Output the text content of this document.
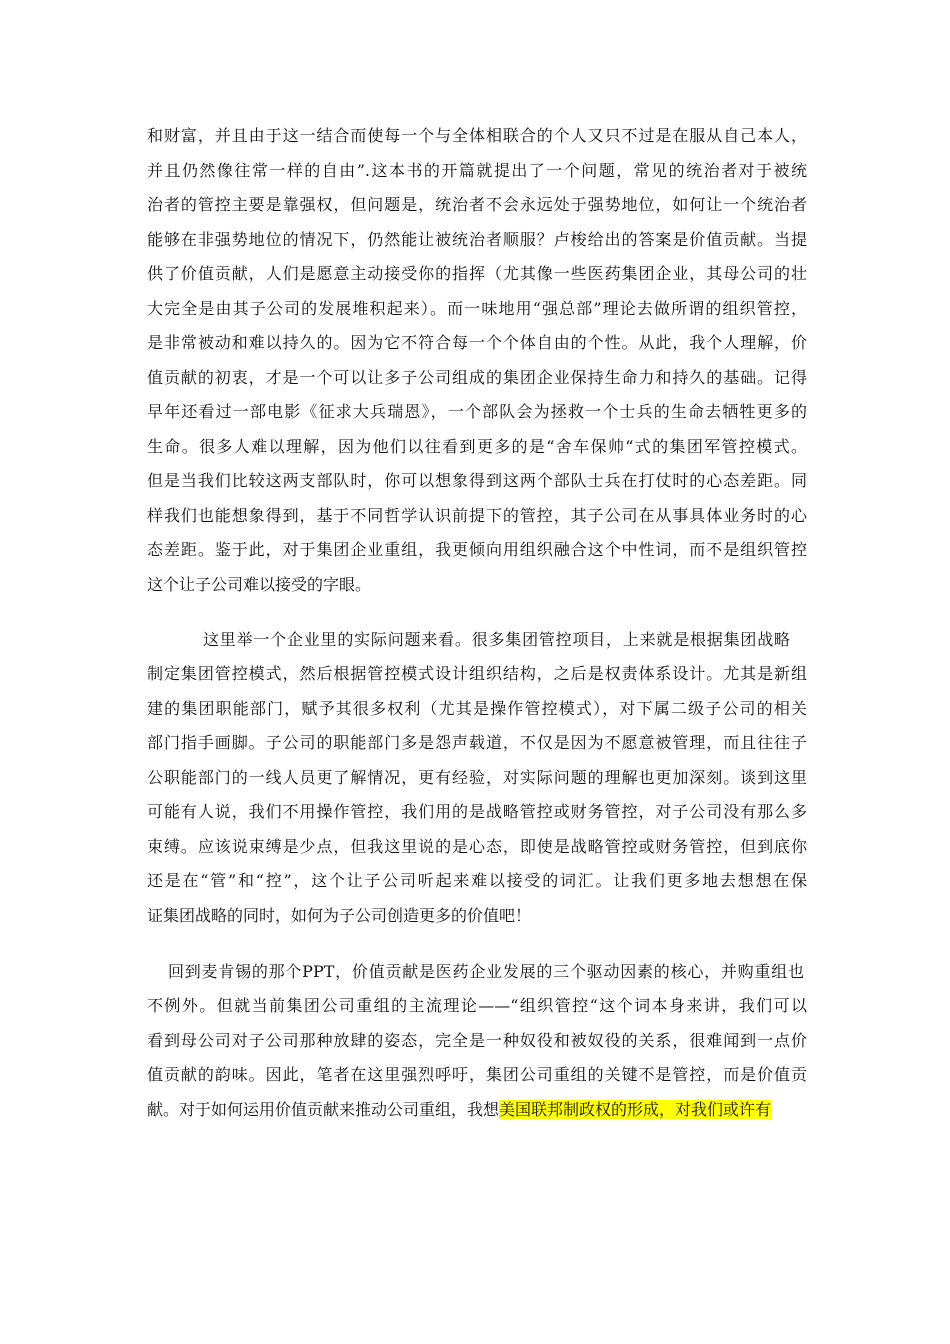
和财富，并且由于这一结合而使每一个与全体相联合的个人又只不过是在服从自己本人，
并且仍然像往常一样的自由”.这本书的开篇就提出了一个问题，常见的统治者对于被统
治者的管控主要是靠强权，但问题是，统治者不会永远处于强势地位，如何让一个统治者
能够在非强势地位的情况下，仍然能让被统治者顺服？卢梭给出的答案是价值贡献。当提
供了价值贡献，人们是愿意主动接受你的指挥（尤其像一些医药集团企业，其母公司的壮
大完全是由其子公司的发展堆积起来）。而一味地用“强总部”理论去做所谓的组织管控，
是非常被动和难以持久的。因为它不符合每一个个体自由的个性。从此，我个人理解，价
值贡献的初衷，才是一个可以让多子公司组成的集团企业保持生命力和持久的基础。记得
早年还看过一部电影《征求大兵瑞恩》，一个部队会为拯救一个士兵的生命去牺牲更多的
生命。很多人难以理解，因为他们以往看到更多的是“舍车保帅“式的集团军管控模式。
但是当我们比较这两支部队时，你可以想象得到这两个部队士兵在打仗时的心态差距。同
样我们也能想象得到，基于不同哲学认识前提下的管控，其子公司在从事具体业务时的心
态差距。鉴于此，对于集团企业重组，我更倾向用组织融合这个中性词，而不是组织管控
这个让子公司难以接受的字眼。
这里举一个企业里的实际问题来看。很多集团管控项目，上来就是根据集团战略
制定集团管控模式，然后根据管控模式设计组织结构，之后是权责体系设计。尤其是新组
建的集团职能部门，赋予其很多权利（尤其是操作管控模式），对下属二级子公司的相关
部门指手画脚。子公司的职能部门多是怨声载道，不仅是因为不愿意被管理，而且往往子
公职能部门的一线人员更了解情况，更有经验，对实际问题的理解也更加深刻。谈到这里
可能有人说，我们不用操作管控，我们用的是战略管控或财务管控，对子公司没有那么多
束缚。应该说束缚是少点，但我这里说的是心态，即使是战略管控或财务管控，但到底你
还是在“管”和“控”，这个让子公司听起来难以接受的词汇。让我们更多地去想想在保
证集团战略的同时，如何为子公司创造更多的价值吧！
回到麦肯锡的那个PPT，价值贡献是医药企业发展的三个驱动因素的核心，并购重组也
不例外。但就当前集团公司重组的主流理论——“组织管控“这个词本身来讲，我们可以
看到母公司对子公司那种放肆的姿态，完全是一种奴役和被奴役的关系，很难闻到一点价
值贡献的韵味。因此，笔者在这里强烈呼吁，集团公司重组的关键不是管控，而是价值贡
献。对于如何运用价值贡献来推动公司重组，我想美国联邦制政权的形成，对我们或许有
